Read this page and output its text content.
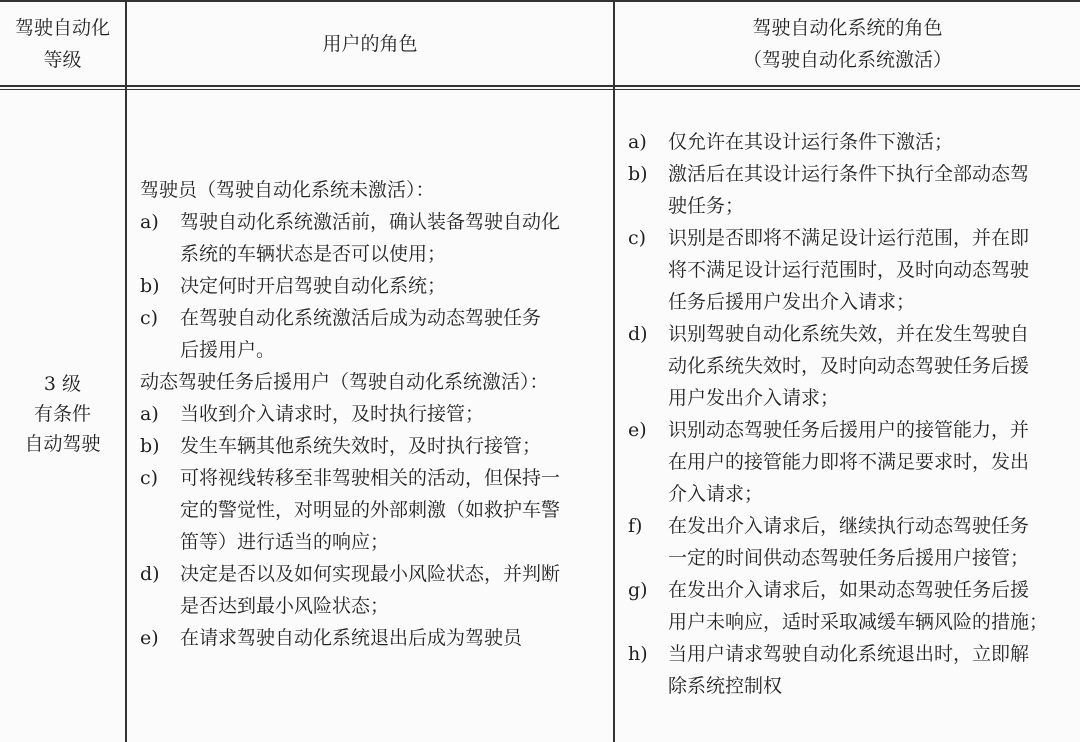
驾驶自动化
等级
用户的角色
驾驶自动化系统的角色
（驾驶自动化系统激活）
3 级
有条件
自动驾驶
驾驶员（驾驶自动化系统未激活）：
a) 驾驶自动化系统激活前，确认装备驾驶自动化
系统的车辆状态是否可以使用；
b) 决定何时开启驾驶自动化系统；
c) 在驾驶自动化系统激活后成为动态驾驶任务
后援用户。
动态驾驶任务后援用户（驾驶自动化系统激活）：
a) 当收到介入请求时，及时执行接管；
b) 发生车辆其他系统失效时，及时执行接管；
c) 可将视线转移至非驾驶相关的活动，但保持一
定的警觉性，对明显的外部刺激（如救护车警
笛等）进行适当的响应；
d) 决定是否以及如何实现最小风险状态，并判断
是否达到最小风险状态；
e) 在请求驾驶自动化系统退出后成为驾驶员
a) 仅允许在其设计运行条件下激活；
b) 激活后在其设计运行条件下执行全部动态驾
驶任务；
c) 识别是否即将不满足设计运行范围，并在即
将不满足设计运行范围时，及时向动态驾驶
任务后援用户发出介入请求；
d) 识别驾驶自动化系统失效，并在发生驾驶自
动化系统失效时，及时向动态驾驶任务后援
用户发出介入请求；
e) 识别动态驾驶任务后援用户的接管能力，并
在用户的接管能力即将不满足要求时，发出
介入请求；
f) 在发出介入请求后，继续执行动态驾驶任务
一定的时间供动态驾驶任务后援用户接管；
g) 在发出介入请求后，如果动态驾驶任务后援
用户未响应，适时采取减缓车辆风险的措施；
h) 当用户请求驾驶自动化系统退出时，立即解
除系统控制权
